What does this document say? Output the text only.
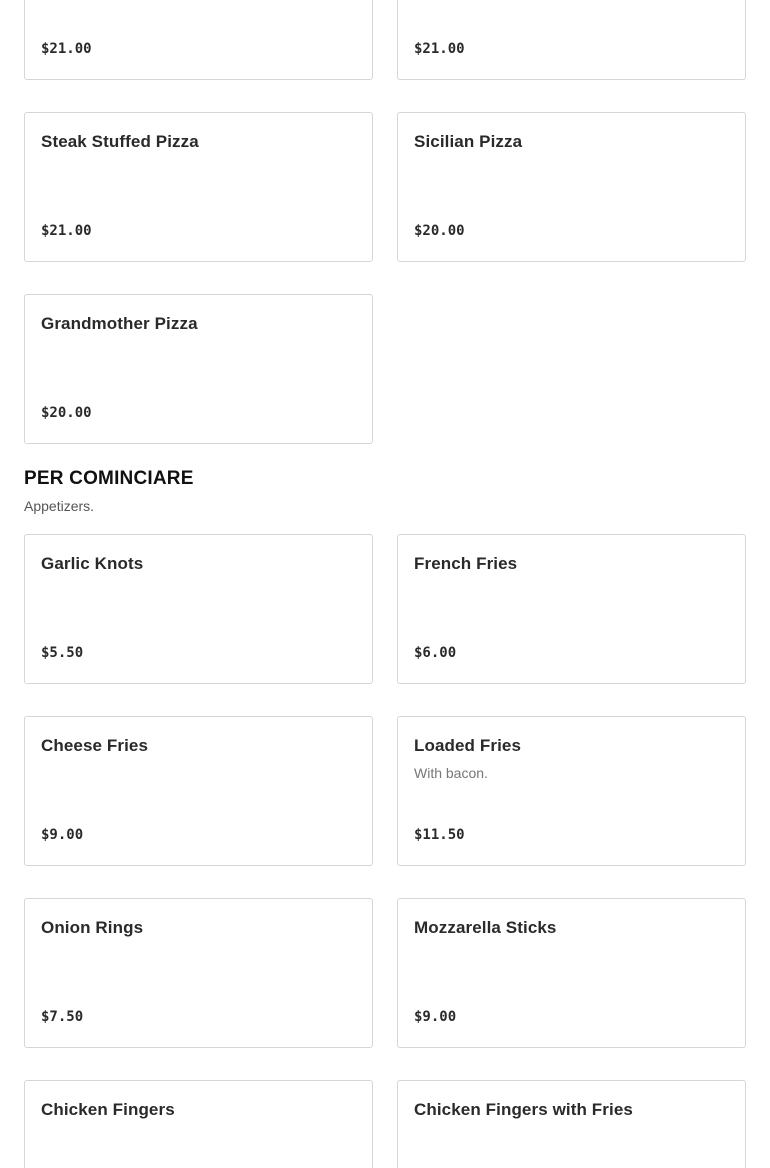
$21.00	$21.00
Steak Stuffed Pizza
$21.00
Sicilian Pizza
$20.00
Grandmother Pizza
$20.00
PER COMINCIARE
Appetizers.
Garlic Knots
$5.50
French Fries
$6.00
Cheese Fries
$9.00
Loaded Fries
With bacon.
$11.50
Onion Rings
$7.50
Mozzarella Sticks
$9.00
Chicken Fingers	Chicken Fingers with Fries
